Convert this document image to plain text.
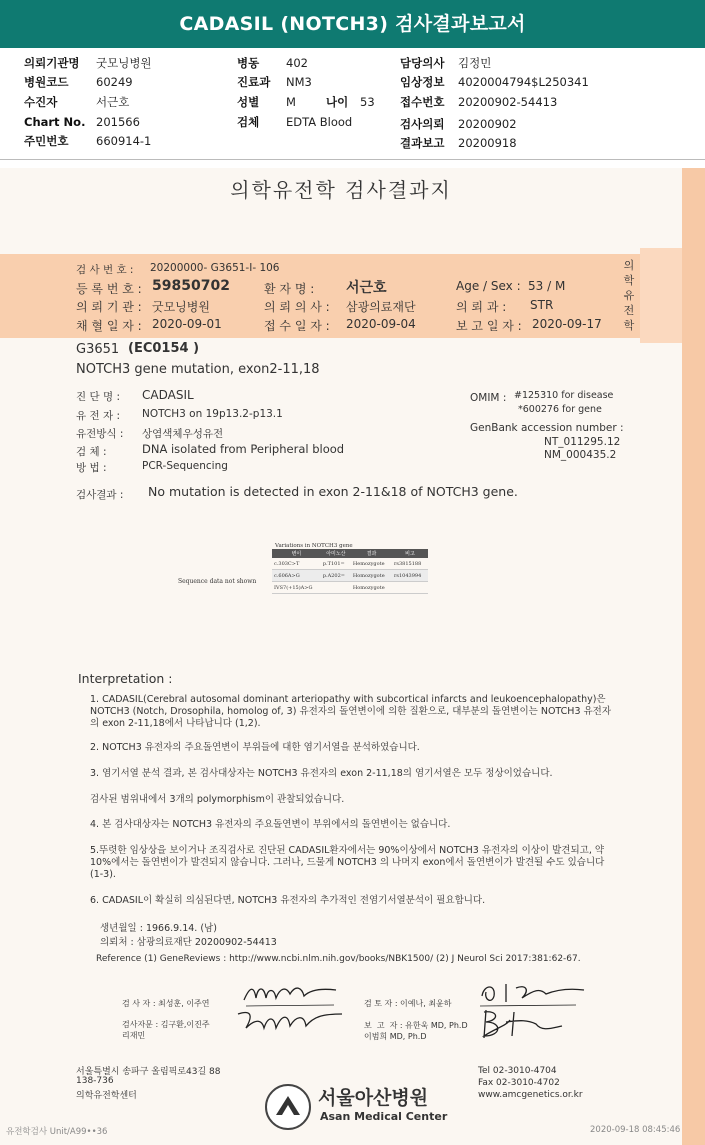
CADASIL (NOTCH3) 검사결과보고서
의뢰기관명 굿모닝병원
병원코드 60249
수진자	서근호
Chart No. 201566
주민번호 660914-1
병동 402
진료과 NM3
성별 M	나이 53
검체 EDTA Blood
담당의사 김정민
임상정보 4020004794$L250341
접수번호 20200902-54413
검사의뢰 20200902
결과보고 20200918
의학유전학 검사결과지
검 사 번 호 : 20200000- G3651-I- 106
등 록 번 호 : 59850702	환 자 명 : 서근호	Age / Sex : 53 / M
의 뢰 기 관 : 굿모닝병원	의 뢰 의 사 : 삼광의료재단	의 뢰 과 : STR
채 혈 일 자 : 2020-09-01	접 수 일 자 : 2020-09-04	보 고 일 자 : 2020-09-17
의학유전학
G3651 (EC0154 )
NOTCH3 gene mutation, exon2-11,18
진 단 명 : CADASIL
유 전 자 : NOTCH3 on 19p13.2-p13.1
유전방식 : 상염색체우성유전
검 체 :	DNA isolated from Peripheral blood
방 법 :	PCR-Sequencing
OMIM : #125310 for disease
*600276 for gene
GenBank accession number :
NT_011295.12
NM_000435.2
검사결과 : No mutation is detected in exon 2-11&18 of NOTCH3 gene.
Variations in NOTCH3 gene
Sequence data not shown
변이	아미노산	결과	비고
c.303C>T	p.T101=	Hemozygote	rs3815188
c.606A>G	p.A202=	Homozygote	rs1043994
IVS7(+15)A>G		Homozygote	
Interpretation :
1. CADASIL(Cerebral autosomal dominant arteriopathy with subcortical infarcts and leukoencephalopathy)은 NOTCH3 (Notch, Drosophila, homolog of, 3) 유전자의 돌연변이에 의한 질환으로, 대부분의 돌연변이는 NOTCH3 유전자의 exon 2-11,18에서 나타납니다 (1,2).
2. NOTCH3 유전자의 주요돌연변이 부위들에 대한 염기서열을 분석하였습니다.
3. 염기서열 분석 결과, 본 검사대상자는 NOTCH3 유전자의 exon 2-11,18의 염기서열은 모두 정상이었습니다.
검사된 범위내에서 3개의 polymorphism이 관찰되었습니다.
4. 본 검사대상자는 NOTCH3 유전자의 주요돌연변이 부위에서의 돌연변이는 없습니다.
5.뚜렷한 임상상을 보이거나 조직검사로 진단된 CADASIL환자에서는 90%이상에서 NOTCH3 유전자의 이상이 발견되고, 약 10%에서는 돌연변이가 발견되지 않습니다. 그러나, 드물게 NOTCH3 의 나머지 exon에서 돌연변이가 발견될 수도 있습니다 (1-3).
6. CADASIL이 확실히 의심된다면, NOTCH3 유전자의 추가적인 전염기서열분석이 필요합니다.
생년월일 : 1966.9.14. (남)
의뢰처 : 삼광의료재단 20200902-54413
Reference (1) GeneReviews : http://www.ncbi.nlm.nih.gov/books/NBK1500/ (2) J Neurol Sci 2017:381:62-67.
검 사 자 : 최성훈, 이주연
검사자문 : 김구환,이진주
리재민
검 토 자 : 이예나, 최윤하
보  고  자 : 유한욱 MD, Ph.D
이범희 MD, Ph.D
서울특별시 송파구 올림픽로43길 88
138-736
의학유전학센터	서울아산병원
Asan Medical Center
Tel 02-3010-4704
Fax 02-3010-4702
www.amcgenetics.or.kr
유전학검사 Unit/A99••36	2020-09-18 08:45:46
